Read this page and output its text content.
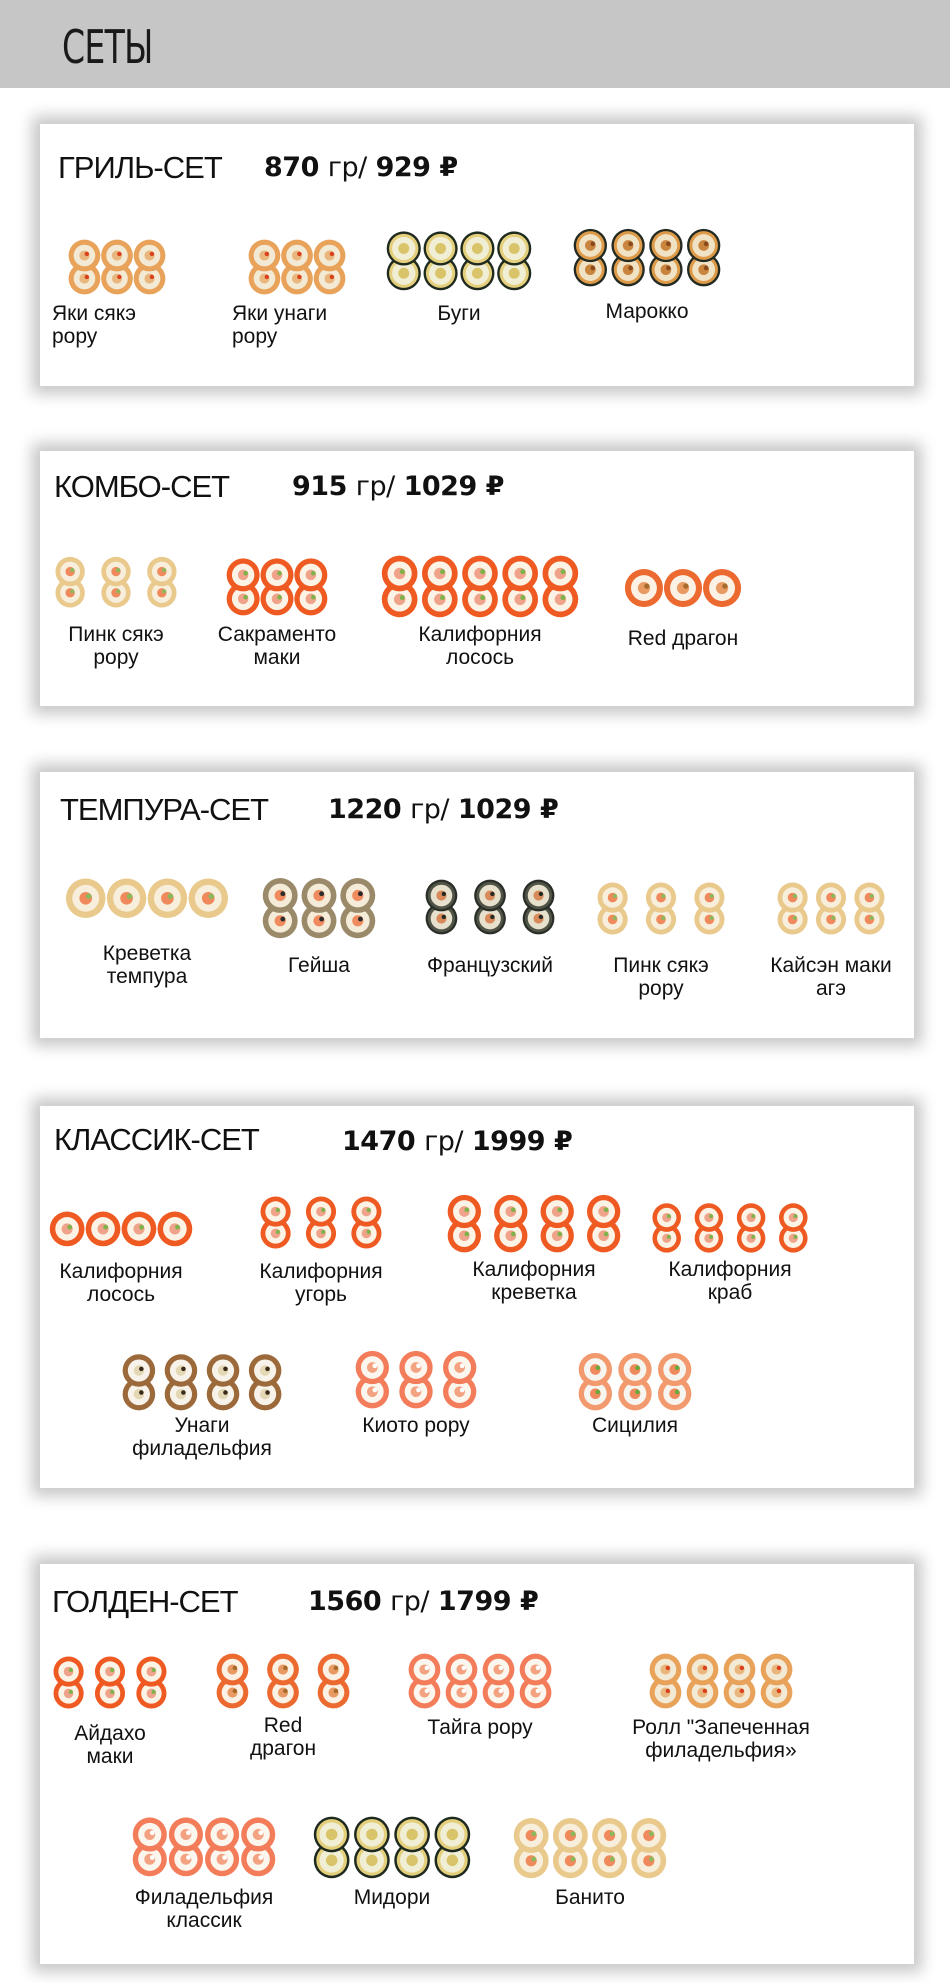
СЕТЫ
ГРИЛЬ-СЕТ 870 гр/ 929 ₽
Яки сякэ
рору
Яки унаги
рору
Буги	Марокко
КОМБО-СЕТ 915 гр/ 1029 ₽
Пинк сякэ
рору
Сакраменто
маки
Калифорния
лосось
Red драгон
ТЕМПУРА-СЕТ 1220 гр/ 1029 ₽
Креветка
темпура	Гейша	Французский	Пинк сякэ
рору
Кайсэн маки
агэ
КЛАССИК-СЕТ	1470 гр/ 1999 ₽
Калифорния
лосось
Калифорния
угорь
Калифорния
креветка
Калифорния
краб
Унаги
филадельфия
Киото рору	Сицилия
ГОЛДЕН-СЕТ	1560 гр/ 1799 ₽
Айдахо
маки
Red
драгон
Тайга рору	Ролл "Запеченная
филадельфия»
Филадельфия
классик
Мидори	Банито
